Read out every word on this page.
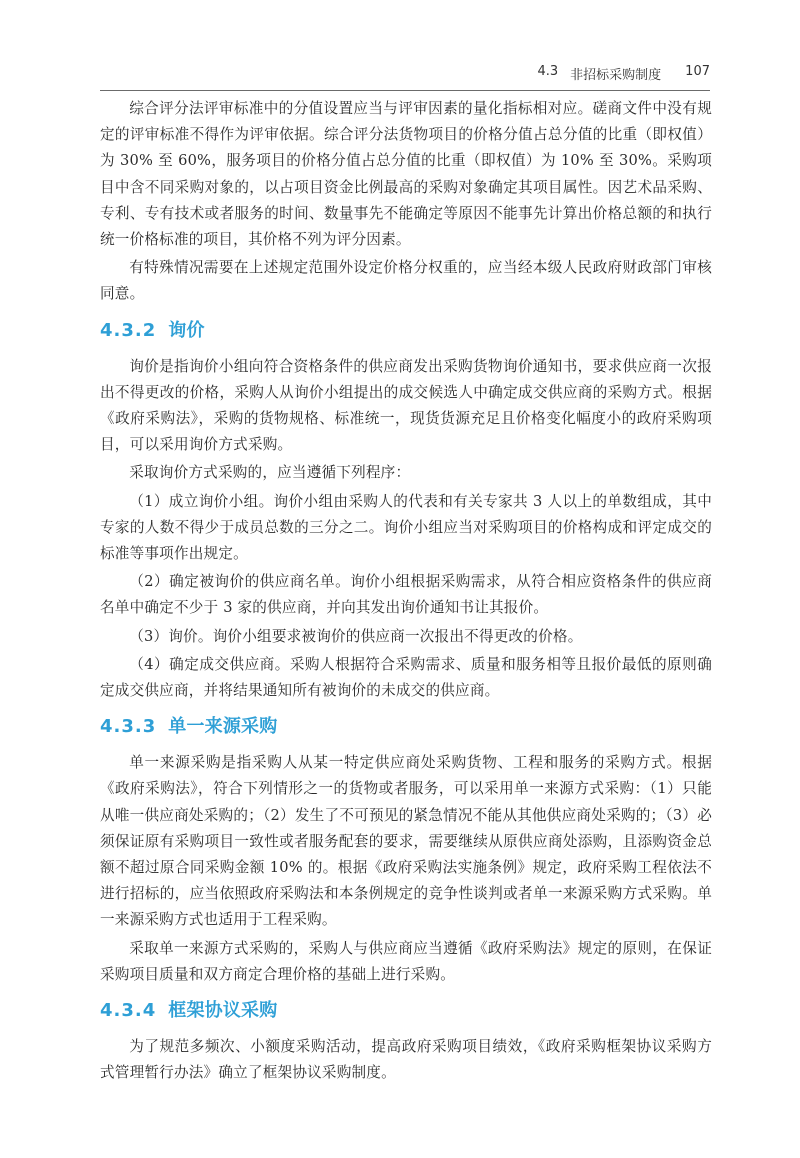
4.3 非招标采购制度 107

综合评分法评审标准中的分值设置应当与评审因素的量化指标相对应。磋商文件中没有规定的评审标准不得作为评审依据。综合评分法货物项目的价格分值占总分值的比重（即权值）为 30% 至 60%，服务项目的价格分值占总分值的比重（即权值）为 10% 至 30%。采购项目中含不同采购对象的，以占项目资金比例最高的采购对象确定其项目属性。因艺术品采购、专利、专有技术或者服务的时间、数量事先不能确定等原因不能事先计算出价格总额的和执行统一价格标准的项目，其价格不列为评分因素。

有特殊情况需要在上述规定范围外设定价格分权重的，应当经本级人民政府财政部门审核同意。

4.3.2 询价

询价是指询价小组向符合资格条件的供应商发出采购货物询价通知书，要求供应商一次报出不得更改的价格，采购人从询价小组提出的成交候选人中确定成交供应商的采购方式。根据《政府采购法》，采购的货物规格、标准统一，现货货源充足且价格变化幅度小的政府采购项目，可以采用询价方式采购。

采取询价方式采购的，应当遵循下列程序：

（1）成立询价小组。询价小组由采购人的代表和有关专家共 3 人以上的单数组成，其中专家的人数不得少于成员总数的三分之二。询价小组应当对采购项目的价格构成和评定成交的标准等事项作出规定。

（2）确定被询价的供应商名单。询价小组根据采购需求，从符合相应资格条件的供应商名单中确定不少于 3 家的供应商，并向其发出询价通知书让其报价。

（3）询价。询价小组要求被询价的供应商一次报出不得更改的价格。

（4）确定成交供应商。采购人根据符合采购需求、质量和服务相等且报价最低的原则确定成交供应商，并将结果通知所有被询价的未成交的供应商。

4.3.3 单一来源采购

单一来源采购是指采购人从某一特定供应商处采购货物、工程和服务的采购方式。根据《政府采购法》，符合下列情形之一的货物或者服务，可以采用单一来源方式采购：（1）只能从唯一供应商处采购的；（2）发生了不可预见的紧急情况不能从其他供应商处采购的；（3）必须保证原有采购项目一致性或者服务配套的要求，需要继续从原供应商处添购，且添购资金总额不超过原合同采购金额 10% 的。根据《政府采购法实施条例》规定，政府采购工程依法不进行招标的，应当依照政府采购法和本条例规定的竞争性谈判或者单一来源采购方式采购。单一来源采购方式也适用于工程采购。

采取单一来源方式采购的，采购人与供应商应当遵循《政府采购法》规定的原则，在保证采购项目质量和双方商定合理价格的基础上进行采购。

4.3.4 框架协议采购

为了规范多频次、小额度采购活动，提高政府采购项目绩效，《政府采购框架协议采购方式管理暂行办法》确立了框架协议采购制度。
